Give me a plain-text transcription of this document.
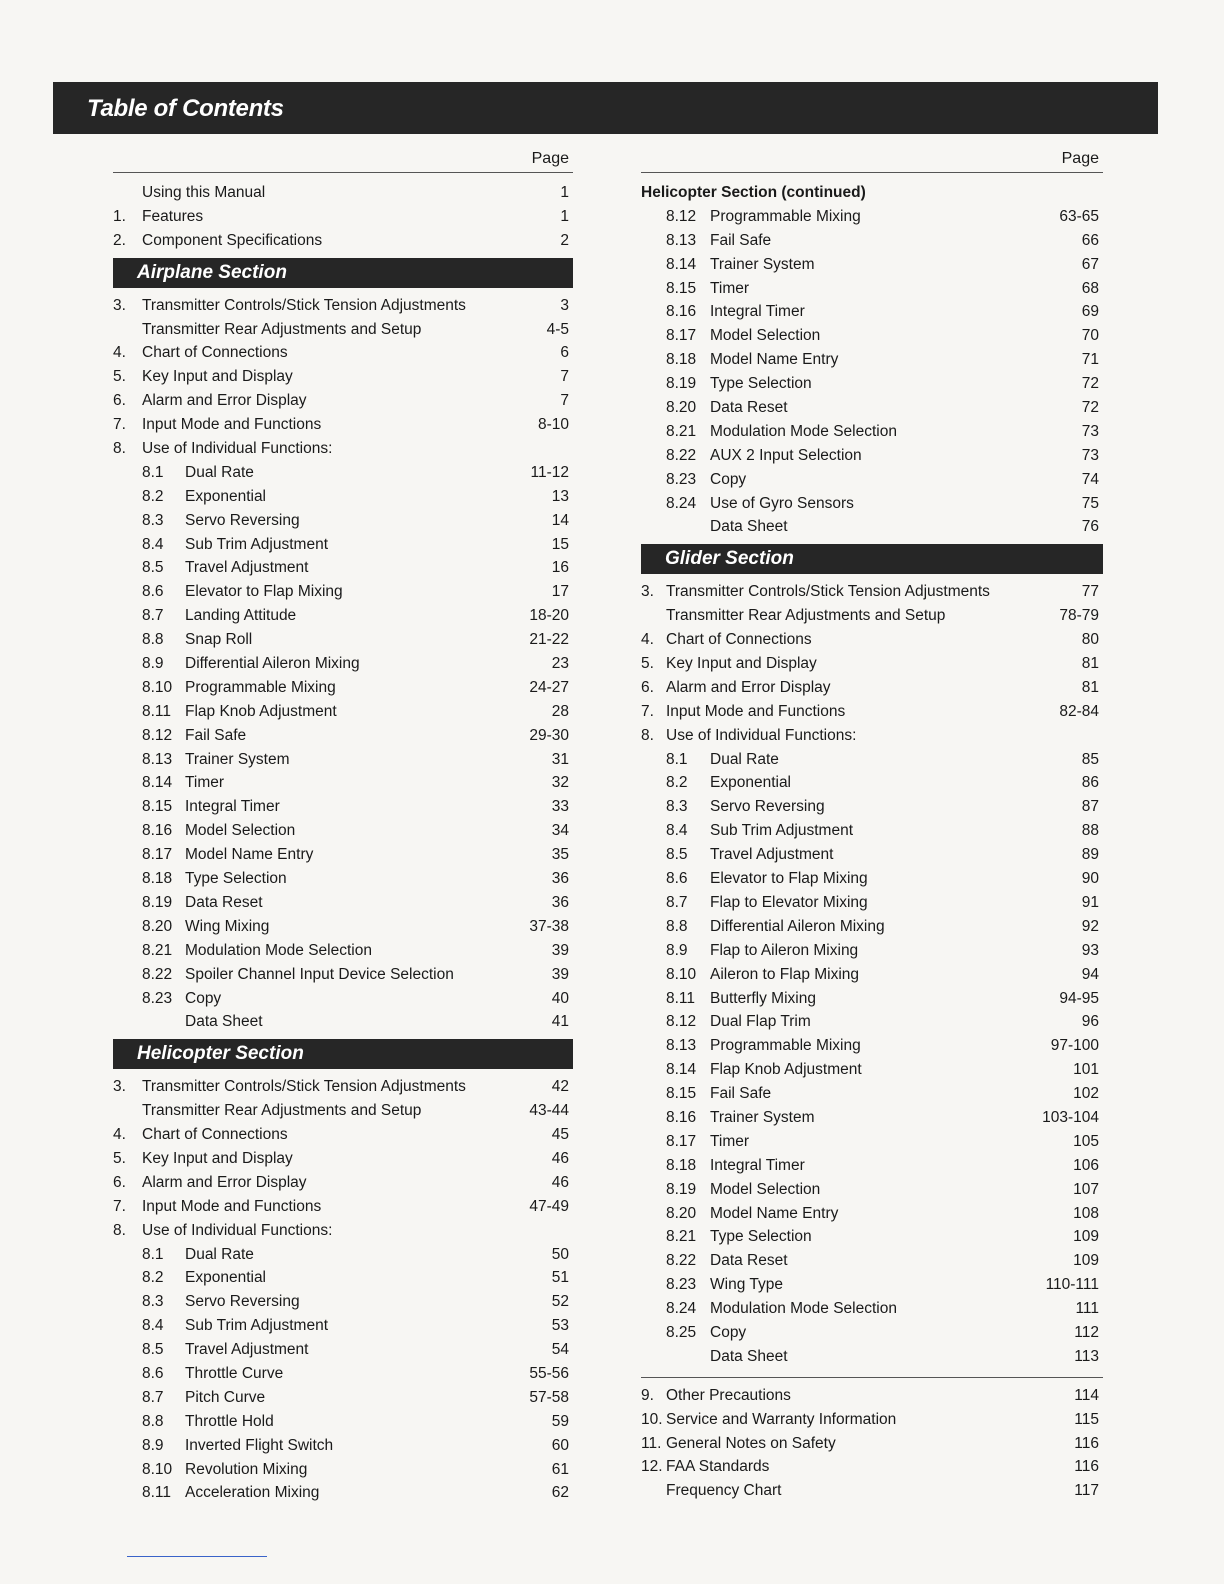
Table of Contents
Page
Using this Manual	1
1. Features	1
2. Component Specifications	2
Airplane Section
3. Transmitter Controls/Stick Tension Adjustments	3
Transmitter Rear Adjustments and Setup	4-5
4. Chart of Connections	6
5. Key Input and Display	7
6. Alarm and Error Display	7
7. Input Mode and Functions	8-10
8. Use of Individual Functions:
8.1 Dual Rate	11-12
8.2 Exponential	13
8.3 Servo Reversing	14
8.4 Sub Trim Adjustment	15
8.5 Travel Adjustment	16
8.6 Elevator to Flap Mixing	17
8.7 Landing Attitude	18-20
8.8 Snap Roll	21-22
8.9 Differential Aileron Mixing	23
8.10 Programmable Mixing	24-27
8.11 Flap Knob Adjustment	28
8.12 Fail Safe	29-30
8.13 Trainer System	31
8.14 Timer	32
8.15 Integral Timer	33
8.16 Model Selection	34
8.17 Model Name Entry	35
8.18 Type Selection	36
8.19 Data Reset	36
8.20 Wing Mixing	37-38
8.21 Modulation Mode Selection	39
8.22 Spoiler Channel Input Device Selection	39
8.23 Copy	40
Data Sheet	41
Helicopter Section
3. Transmitter Controls/Stick Tension Adjustments	42
Transmitter Rear Adjustments and Setup	43-44
4. Chart of Connections	45
5. Key Input and Display	46
6. Alarm and Error Display	46
7. Input Mode and Functions	47-49
8. Use of Individual Functions:
8.1 Dual Rate	50
8.2 Exponential	51
8.3 Servo Reversing	52
8.4 Sub Trim Adjustment	53
8.5 Travel Adjustment	54
8.6 Throttle Curve	55-56
8.7 Pitch Curve	57-58
8.8 Throttle Hold	59
8.9 Inverted Flight Switch	60
8.10 Revolution Mixing	61
8.11 Acceleration Mixing	62
Page
Helicopter Section (continued)
8.12 Programmable Mixing	63-65
8.13 Fail Safe	66
8.14 Trainer System	67
8.15 Timer	68
8.16 Integral Timer	69
8.17 Model Selection	70
8.18 Model Name Entry	71
8.19 Type Selection	72
8.20 Data Reset	72
8.21 Modulation Mode Selection	73
8.22 AUX 2 Input Selection	73
8.23 Copy	74
8.24 Use of Gyro Sensors	75
Data Sheet	76
Glider Section
3. Transmitter Controls/Stick Tension Adjustments	77
Transmitter Rear Adjustments and Setup	78-79
4. Chart of Connections	80
5. Key Input and Display	81
6. Alarm and Error Display	81
7. Input Mode and Functions	82-84
8. Use of Individual Functions:
8.1 Dual Rate	85
8.2 Exponential	86
8.3 Servo Reversing	87
8.4 Sub Trim Adjustment	88
8.5 Travel Adjustment	89
8.6 Elevator to Flap Mixing	90
8.7 Flap to Elevator Mixing	91
8.8 Differential Aileron Mixing	92
8.9 Flap to Aileron Mixing	93
8.10 Aileron to Flap Mixing	94
8.11 Butterfly Mixing	94-95
8.12 Dual Flap Trim	96
8.13 Programmable Mixing	97-100
8.14 Flap Knob Adjustment	101
8.15 Fail Safe	102
8.16 Trainer System	103-104
8.17 Timer	105
8.18 Integral Timer	106
8.19 Model Selection	107
8.20 Model Name Entry	108
8.21 Type Selection	109
8.22 Data Reset	109
8.23 Wing Type	110-111
8.24 Modulation Mode Selection	111
8.25 Copy	112
Data Sheet	113
9. Other Precautions	114
10. Service and Warranty Information	115
11. General Notes on Safety	116
12. FAA Standards	116
Frequency Chart	117
